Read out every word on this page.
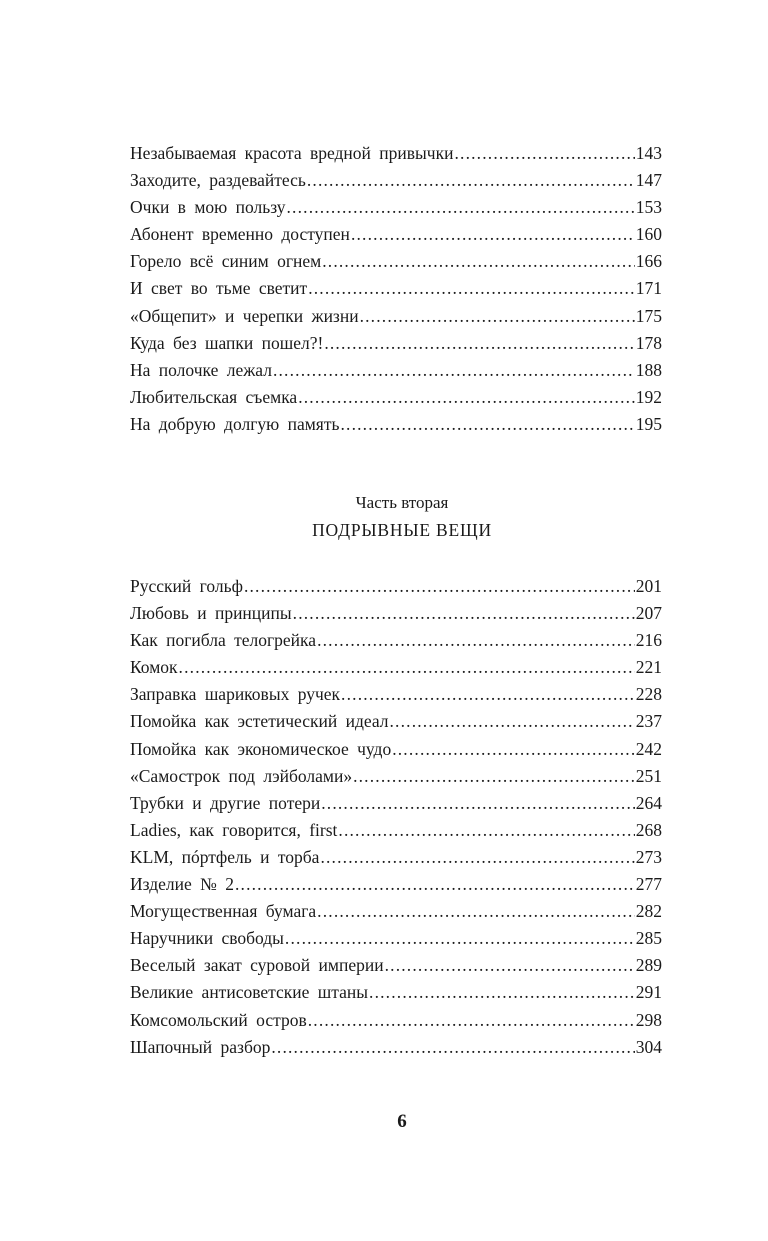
Незабываемая красота вредной привычки . . .	143
Заходите, раздевайтесь . . .	147
Очки в мою пользу . . .	153
Абонент временно доступен . . .	160
Горело всё синим огнем . . .	166
И свет во тьме светит . . .	171
«Общепит» и черепки жизни . . .	175
Куда без шапки пошел?! . . .	178
На полочке лежал . . .	188
Любительская съемка . . .	192
На добрую долгую память . . .	195
Часть вторая
ПОДРЫВНЫЕ ВЕЩИ
Русский гольф . . .	201
Любовь и принципы . . .	207
Как погибла телогрейка . . .	216
Комок . . .	221
Заправка шариковых ручек . . .	228
Помойка как эстетический идеал . . .	237
Помойка как экономическое чудо . . .	242
«Самострок под лэйболами» . . .	251
Трубки и другие потери . . .	264
Ladies, как говорится, first . . .	268
KLM, пóртфель и торба . . .	273
Изделие № 2 . . .	277
Могущественная бумага . . .	282
Наручники свободы . . .	285
Веселый закат суровой империи . . .	289
Великие антисоветские штаны . . .	291
Комсомольский остров . . .	298
Шапочный разбор . . .	304
6
